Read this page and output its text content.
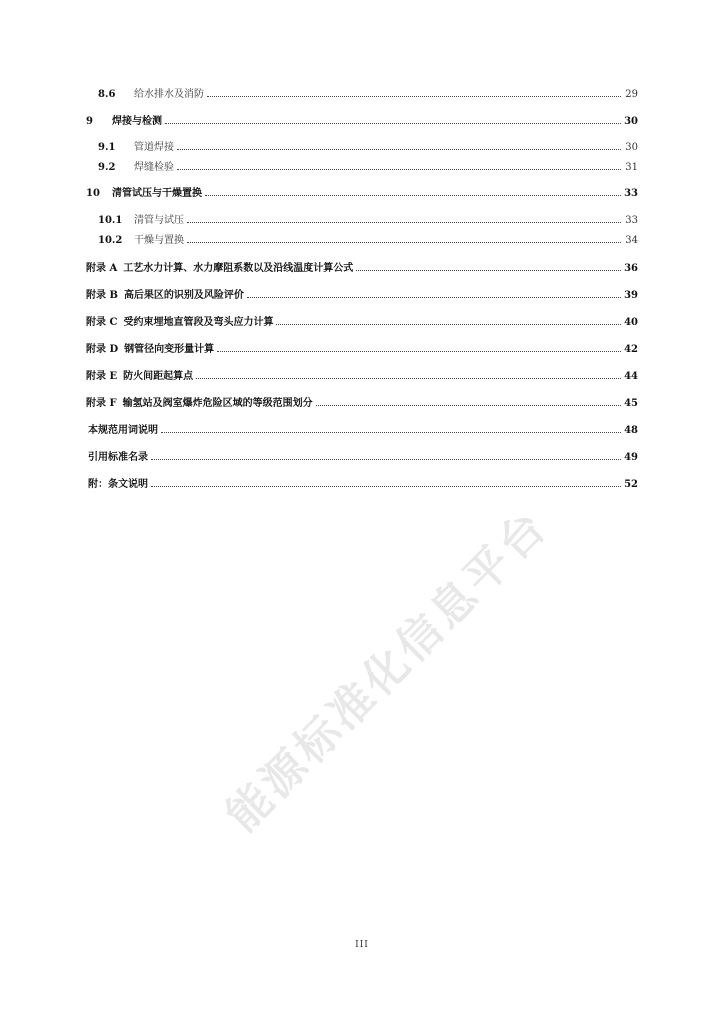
8.6	给水排水及消防	29
9	焊接与检测	30
9.1	管道焊接	30
9.2	焊缝检验	31
10	清管试压与干燥置换	33
10.1	清管与试压	33
10.2	干燥与置换	34
附录 A 工艺水力计算、水力摩阻系数以及沿线温度计算公式	36
附录 B 高后果区的识别及风险评价	39
附录 C 受约束埋地直管段及弯头应力计算	40
附录 D 钢管径向变形量计算	42
附录 E 防火间距起算点	44
附录 F 输氢站及阀室爆炸危险区域的等级范围划分	45
本规范用词说明	48
引用标准名录	49
附：条文说明	52
能源标准化信息平台
III
